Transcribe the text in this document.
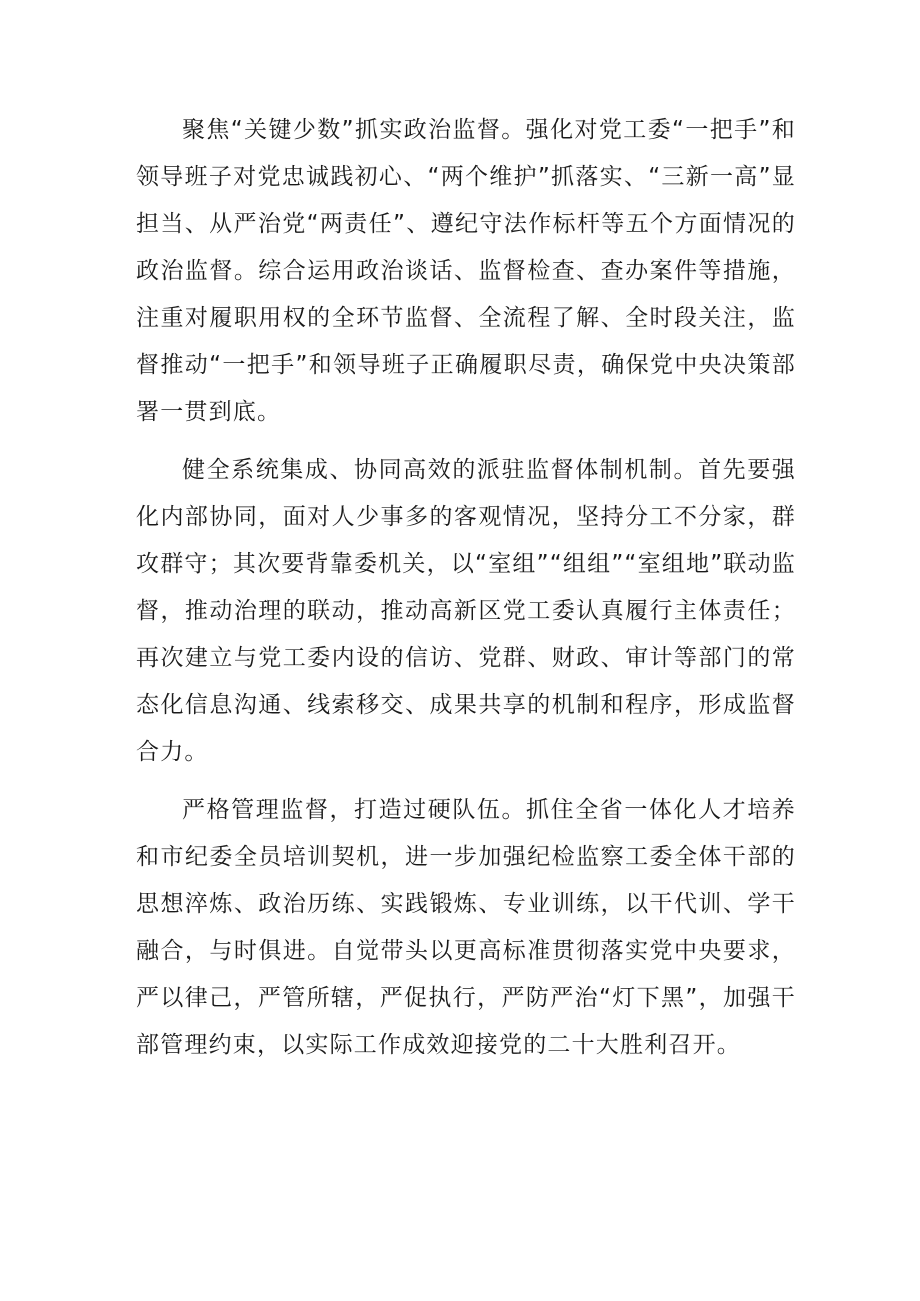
聚焦“关键少数”抓实政治监督。强化对党工委“一把手”和领导班子对党忠诚践初心、“两个维护”抓落实、“三新一高”显担当、从严治党“两责任”、遵纪守法作标杆等五个方面情况的政治监督。综合运用政治谈话、监督检查、查办案件等措施，注重对履职用权的全环节监督、全流程了解、全时段关注，监督推动“一把手”和领导班子正确履职尽责，确保党中央决策部署一贯到底。

健全系统集成、协同高效的派驻监督体制机制。首先要强化内部协同，面对人少事多的客观情况，坚持分工不分家，群攻群守；其次要背靠委机关，以“室组”“组组”“室组地”联动监督，推动治理的联动，推动高新区党工委认真履行主体责任；再次建立与党工委内设的信访、党群、财政、审计等部门的常态化信息沟通、线索移交、成果共享的机制和程序，形成监督合力。

严格管理监督，打造过硬队伍。抓住全省一体化人才培养和市纪委全员培训契机，进一步加强纪检监察工委全体干部的思想淬炼、政治历练、实践锻炼、专业训练，以干代训、学干融合，与时俱进。自觉带头以更高标准贯彻落实党中央要求，严以律己，严管所辖，严促执行，严防严治“灯下黑”，加强干部管理约束，以实际工作成效迎接党的二十大胜利召开。
